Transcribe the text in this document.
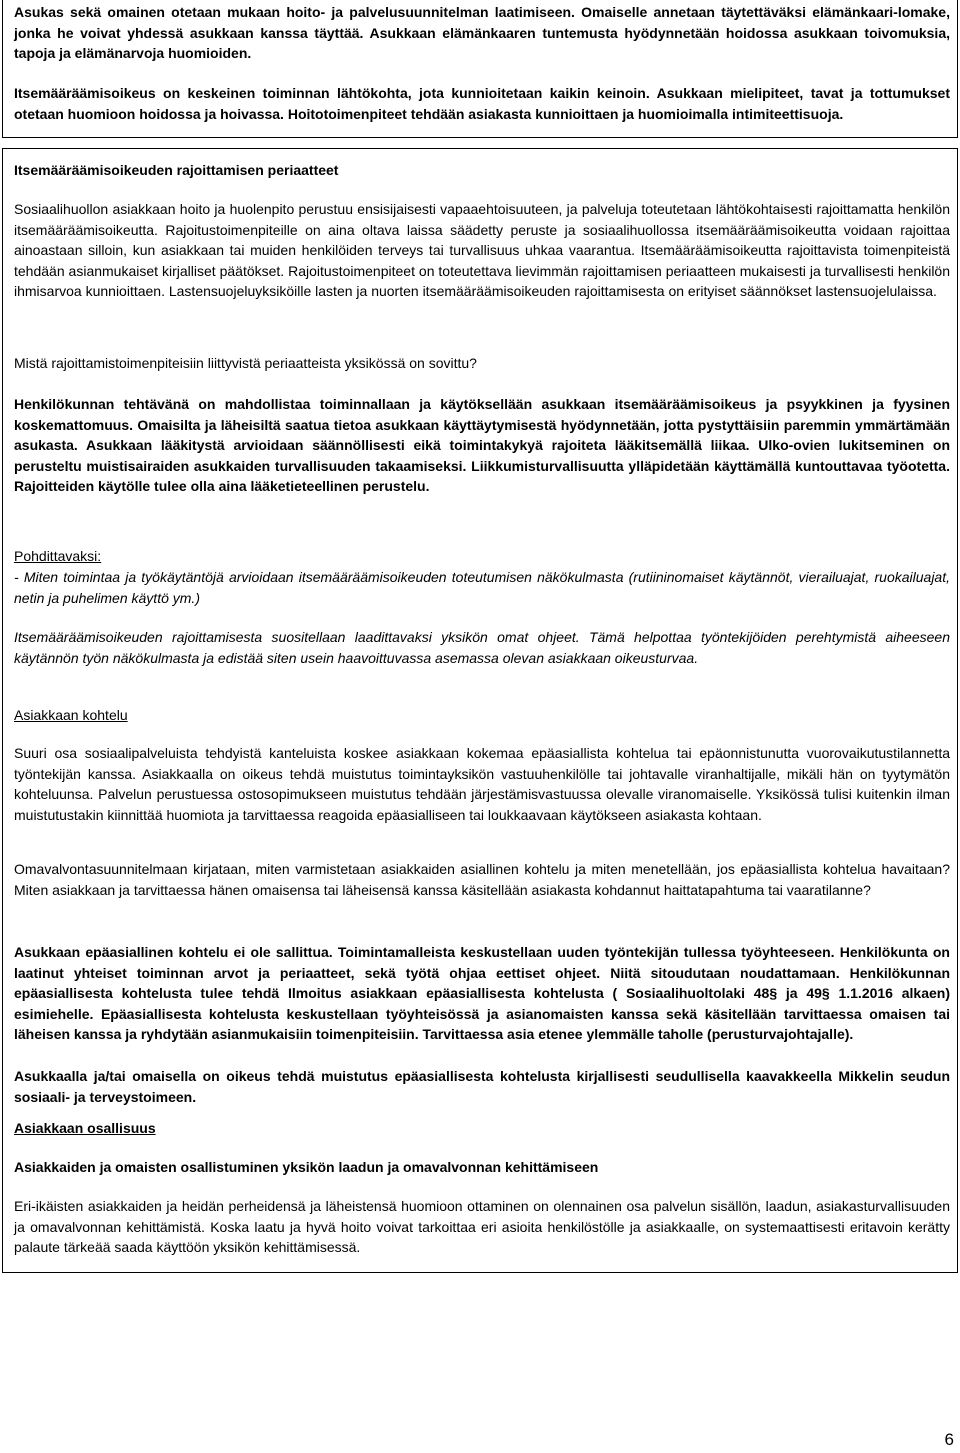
Asukas sekä omainen otetaan mukaan hoito- ja palvelusuunnitelman laatimiseen. Omaiselle annetaan täytettäväksi elämänkaari-lomake, jonka he voivat yhdessä asukkaan kanssa täyttää. Asukkaan elämänkaaren tuntemusta hyödynnetään hoidossa asukkaan toivomuksia, tapoja ja elämänarvoja huomioiden.

Itsemääräämisoikeus on keskeinen toiminnan lähtökohta, jota kunnioitetaan kaikin keinoin. Asukkaan mielipiteet, tavat ja tottumukset otetaan huomioon hoidossa ja hoivassa. Hoitotoimenpiteet tehdään asiakasta kunnioittaen ja huomioimalla intimiteettisuoja.

Itsemääräämisoikeuden rajoittamisen periaatteet

Sosiaalihuollon asiakkaan hoito ja huolenpito perustuu ensisijaisesti vapaaehtoisuuteen, ja palveluja toteutetaan lähtökohtaisesti rajoittamatta henkilön itsemääräämisoikeutta. Rajoitustoimenpiteille on aina oltava laissa säädetty peruste ja sosiaalihuollossa itsemääräämisoikeutta voidaan rajoittaa ainoastaan silloin, kun asiakkaan tai muiden henkilöiden terveys tai turvallisuus uhkaa vaarantua. Itsemääräämisoikeutta rajoittavista toimenpiteistä tehdään asianmukaiset kirjalliset päätökset. Rajoitustoimenpiteet on toteutettava lievimmän rajoittamisen periaatteen mukaisesti ja turvallisesti henkilön ihmisarvoa kunnioittaen. Lastensuojeluyksiköille lasten ja nuorten itsemääräämisoikeuden rajoittamisesta on erityiset säännökset lastensuojelulaissa.

Mistä rajoittamistoimenpiteisiin liittyvistä periaatteista yksikössä on sovittu?

Henkilökunnan tehtävänä on mahdollistaa toiminnallaan ja käytöksellään asukkaan itsemääräämisoikeus ja psyykkinen ja fyysinen koskemattomuus. Omaisilta ja läheisiltä saatua tietoa asukkaan käyttäytymisestä hyödynnetään, jotta pystyttäisiin paremmin ymmärtämään asukasta. Asukkaan lääkitystä arvioidaan säännöllisesti eikä toimintakykyä rajoiteta lääkitsemällä liikaa. Ulko-ovien lukitseminen on perusteltu muistisairaiden asukkaiden turvallisuuden takaamiseksi. Liikkumisturvallisuutta ylläpidetään käyttämällä kuntouttavaa työotetta. Rajoitteiden käytölle tulee olla aina lääketieteellinen perustelu.

Pohdittavaksi:

- Miten toimintaa ja työkäytäntöjä arvioidaan itsemääräämisoikeuden toteutumisen näkökulmasta (rutiininomaiset käytännöt, vierailuajat, ruokailuajat, netin ja puhelimen käyttö ym.)

Itsemääräämisoikeuden rajoittamisesta suositellaan laadittavaksi yksikön omat ohjeet. Tämä helpottaa työntekijöiden perehtymistä aiheeseen käytännön työn näkökulmasta ja edistää siten usein haavoittuvassa asemassa olevan asiakkaan oikeusturvaa.

Asiakkaan kohtelu

Suuri osa sosiaalipalveluista tehdyistä kanteluista koskee asiakkaan kokemaa epäasiallista kohtelua tai epäonnistunutta vuorovaikutustilannetta työntekijän kanssa. Asiakkaalla on oikeus tehdä muistutus toimintayksikön vastuuhenkilölle tai johtavalle viranhaltijalle, mikäli hän on tyytymätön kohteluunsa. Palvelun perustuessa ostosopimukseen muistutus tehdään järjestämisvastuussa olevalle viranomaiselle. Yksikössä tulisi kuitenkin ilman muistutustakin kiinnittää huomiota ja tarvittaessa reagoida epäasialliseen tai loukkaavaan käytökseen asiakasta kohtaan.

Omavalvontasuunnitelmaan kirjataan, miten varmistetaan asiakkaiden asiallinen kohtelu ja miten menetellään, jos epäasiallista kohtelua havaitaan? Miten asiakkaan ja tarvittaessa hänen omaisensa tai läheisensä kanssa käsitellään asiakasta kohdannut haittatapahtuma tai vaaratilanne?

Asukkaan epäasiallinen kohtelu ei ole sallittua. Toimintamalleista keskustellaan uuden työntekijän tullessa työyhteeseen. Henkilökunta on laatinut yhteiset toiminnan arvot ja periaatteet, sekä työtä ohjaa eettiset ohjeet. Niitä sitoudutaan noudattamaan. Henkilökunnan epäasiallisesta kohtelusta tulee tehdä Ilmoitus asiakkaan epäasiallisesta kohtelusta ( Sosiaalihuoltolaki 48§ ja 49§ 1.1.2016 alkaen) esimiehelle. Epäasiallisesta kohtelusta keskustellaan työyhteisössä ja asianomaisten kanssa sekä käsitellään tarvittaessa omaisen tai läheisen kanssa ja ryhdytään asianmukaisiin toimenpiteisiin. Tarvittaessa asia etenee ylemmälle taholle (perusturvajohtajalle).

Asukkaalla ja/tai omaisella on oikeus tehdä muistutus epäasiallisesta kohtelusta kirjallisesti seudullisella kaavakkeella Mikkelin seudun sosiaali- ja terveystoimeen.

Asiakkaan osallisuus

Asiakkaiden ja omaisten osallistuminen yksikön laadun ja omavalvonnan kehittämiseen

Eri-ikäisten asiakkaiden ja heidän perheidensä ja läheistensä huomioon ottaminen on olennainen osa palvelun sisällön, laadun, asiakasturvallisuuden ja omavalvonnan kehittämistä. Koska laatu ja hyvä hoito voivat tarkoittaa eri asioita henkilöstölle ja asiakkaalle, on systemaattisesti eritavoin kerätty palaute tärkeää saada käyttöön yksikön kehittämisessä.

6
